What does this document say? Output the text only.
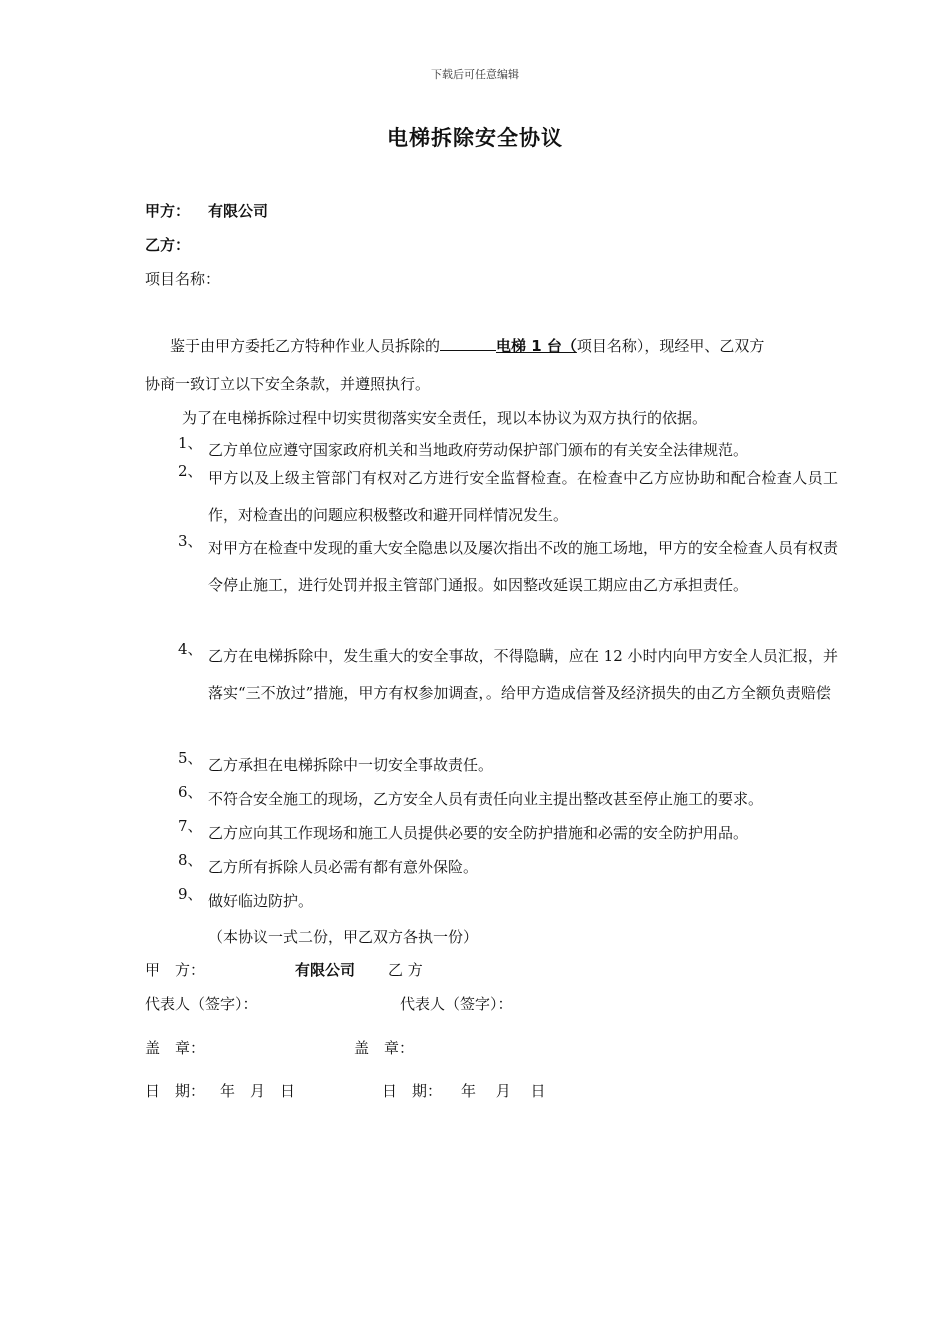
下载后可任意编辑
电梯拆除安全协议
甲方： 有限公司
乙方：
项目名称：
鉴于由甲方委托乙方特种作业人员拆除的	电梯 1 台（项目名称），现经甲、乙双方
协商一致订立以下安全条款，并遵照执行。
为了在电梯拆除过程中切实贯彻落实安全责任，现以本协议为双方执行的依据。
1、 乙方单位应遵守国家政府机关和当地政府劳动保护部门颁布的有关安全法律规范。
2、 甲方以及上级主管部门有权对乙方进行安全监督检查。在检查中乙方应协助和配合检查人员工作，对检查出的问题应积极整改和避开同样情况发生。
3、 对甲方在检查中发现的重大安全隐患以及屡次指出不改的施工场地，甲方的安全检查人员有权责令停止施工，进行处罚并报主管部门通报。如因整改延误工期应由乙方承担责任。
4、 乙方在电梯拆除中，发生重大的安全事故，不得隐瞒，应在 12 小时内向甲方安全人员汇报，并落实“三不放过”措施，甲方有权参加调查，。给甲方造成信誉及经济损失的由乙方全额负责赔偿
5、 乙方承担在电梯拆除中一切安全事故责任。
6、 不符合安全施工的现场，乙方安全人员有责任向业主提出整改甚至停止施工的要求。
7、 乙方应向其工作现场和施工人员提供必要的安全防护措施和必需的安全防护用品。
8、 乙方所有拆除人员必需有都有意外保险。
9、 做好临边防护。
（本协议一式二份，甲乙双方各执一份）
甲　方：	有限公司 乙 方
代表人（签字）：	代表人（签字）：
盖　章：	盖　章：
日　期： 年　月　日	日　期： 年　 月　 日
